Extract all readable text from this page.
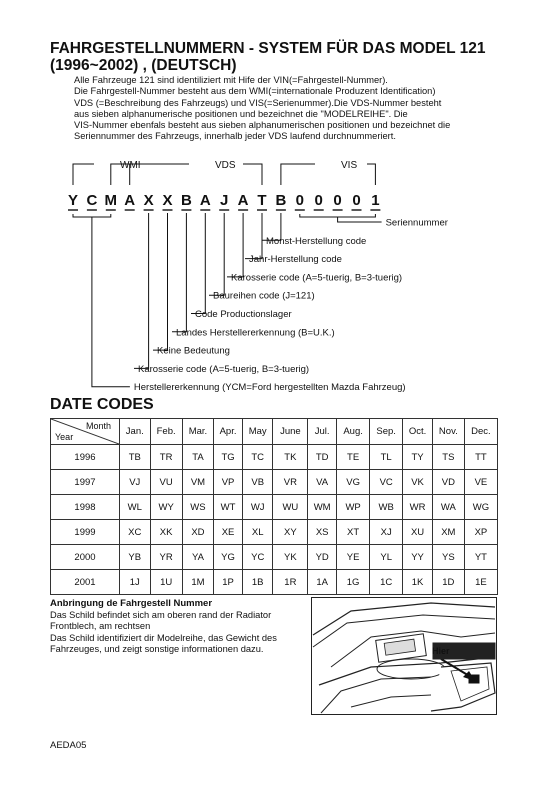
FAHRGESTELLNUMMERN - SYSTEM FÜR DAS MODEL 121
(1996~2002) , (DEUTSCH)
Alle Fahrzeuge 121 sind identiliziert mit Hife der VIN(=Fahrgestell-Nummer).
Die Fahrgestell-Nummer besteht aus dem WMI(=internationale Produzent Identification)
VDS (=Beschreibung des Fahrzeugs) und VIS(=Serienummer).Die VDS-Nummer besteht
aus sieben alphanumerische positionen und bezeichnet die "MODELREIHE". Die
VIS-Nummer ebenfals besteht aus sieben alphanumerischen positionen und bezeichnet die
Seriennummer des Fahrzeugs, innerhalb jeder VDS laufend durchnummeriert.
WMI	VDS	VIS
Y C M A X X B A J A T B 0 0 0 0 1
Seriennummer
Monst-Herstellung code
Jahr-Herstellung code
Karosserie code (A=5-tuerig, B=3-tuerig)
Baureihen code (J=121)
Code Productionslager
Landes Herstellererkennung (B=U.K.)
Keine Bedeutung
Karosserie code (A=5-tuerig, B=3-tuerig)
Herstellererkennung (YCM=Ford hergestellten Mazda Fahrzeug)
DATE CODES
Month
Year	Jan.	Feb.	Mar.	Apr.	May	June	Jul.	Aug.	Sep.	Oct.	Nov.	Dec.
1996	TB	TR	TA	TG	TC	TK	TD	TE	TL	TY	TS	TT
1997	VJ	VU	VM	VP	VB	VR	VA	VG	VC	VK	VD	VE
1998	WL	WY	WS	WT	WJ	WU	WM	WP	WB	WR	WA	WG
1999	XC	XK	XD	XE	XL	XY	XS	XT	XJ	XU	XM	XP
2000	YB	YR	YA	YG	YC	YK	YD	YE	YL	YY	YS	YT
2001	1J	1U	1M	1P	1B	1R	1A	1G	1C	1K	1D	1E
Anbringung de Fahrgestell Nummer
Das Schild befindet sich am oberen rand der Radiator
Frontblech, am rechtsen
Das Schild identifiziert dir Modelreihe, das Gewicht des
Fahrzeuges, und zeigt sonstige informationen dazu.	Hier
AEDA05
